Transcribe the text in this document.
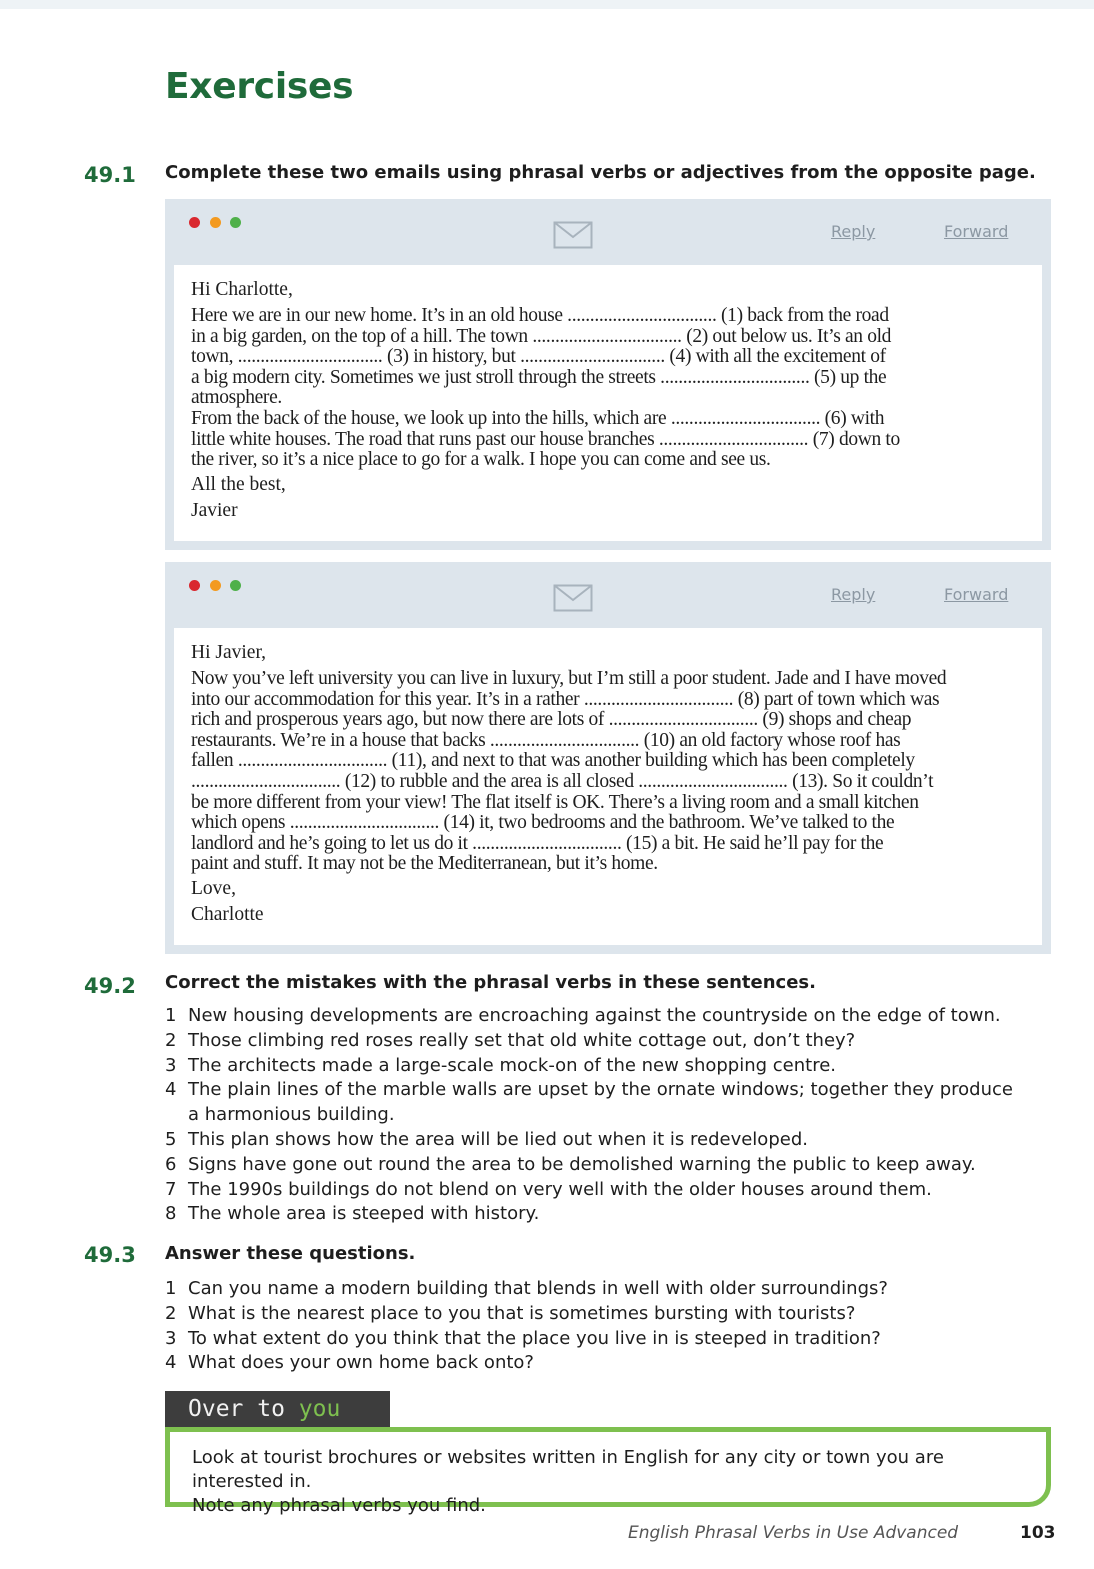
Exercises
49.1 Complete these two emails using phrasal verbs or adjectives from the opposite page.
Reply	Forward

Hi Charlotte,

Here we are in our new home. It’s in an old house ................................. (1) back from the road
in a big garden, on the top of a hill. The town ................................. (2) out below us. It’s an old
town, ................................ (3) in history, but ................................ (4) with all the excitement of
a big modern city. Sometimes we just stroll through the streets ................................. (5) up the
atmosphere.
From the back of the house, we look up into the hills, which are ................................. (6) with
little white houses. The road that runs past our house branches ................................. (7) down to
the river, so it’s a nice place to go for a walk. I hope you can come and see us.

All the best,

Javier

Reply	Forward

Hi Javier,

Now you’ve left university you can live in luxury, but I’m still a poor student. Jade and I have moved
into our accommodation for this year. It’s in a rather ................................. (8) part of town which was
rich and prosperous years ago, but now there are lots of ................................. (9) shops and cheap
restaurants. We’re in a house that backs ................................. (10) an old factory whose roof has
fallen ................................. (11), and next to that was another building which has been completely
................................. (12) to rubble and the area is all closed ................................. (13). So it couldn’t
be more different from your view! The flat itself is OK. There’s a living room and a small kitchen
which opens ................................. (14) it, two bedrooms and the bathroom. We’ve talked to the
landlord and he’s going to let us do it ................................. (15) a bit. He said he’ll pay for the
paint and stuff. It may not be the Mediterranean, but it’s home.

Love,

Charlotte

49.2 Correct the mistakes with the phrasal verbs in these sentences.
1 New housing developments are encroaching against the countryside on the edge of town.
2 Those climbing red roses really set that old white cottage out, don’t they?
3 The architects made a large-scale mock-on of the new shopping centre.
4 The plain lines of the marble walls are upset by the ornate windows; together they produce a harmonious building.
5 This plan shows how the area will be lied out when it is redeveloped.
6 Signs have gone out round the area to be demolished warning the public to keep away.
7 The 1990s buildings do not blend on very well with the older houses around them.
8 The whole area is steeped with history.
49.3 Answer these questions.
1 Can you name a modern building that blends in well with older surroundings?
2 What is the nearest place to you that is sometimes bursting with tourists?
3 To what extent do you think that the place you live in is steeped in tradition?
4 What does your own home back onto?
Over to you
Look at tourist brochures or websites written in English for any city or town you are interested in.
Note any phrasal verbs you find.
English Phrasal Verbs in Use Advanced	103
